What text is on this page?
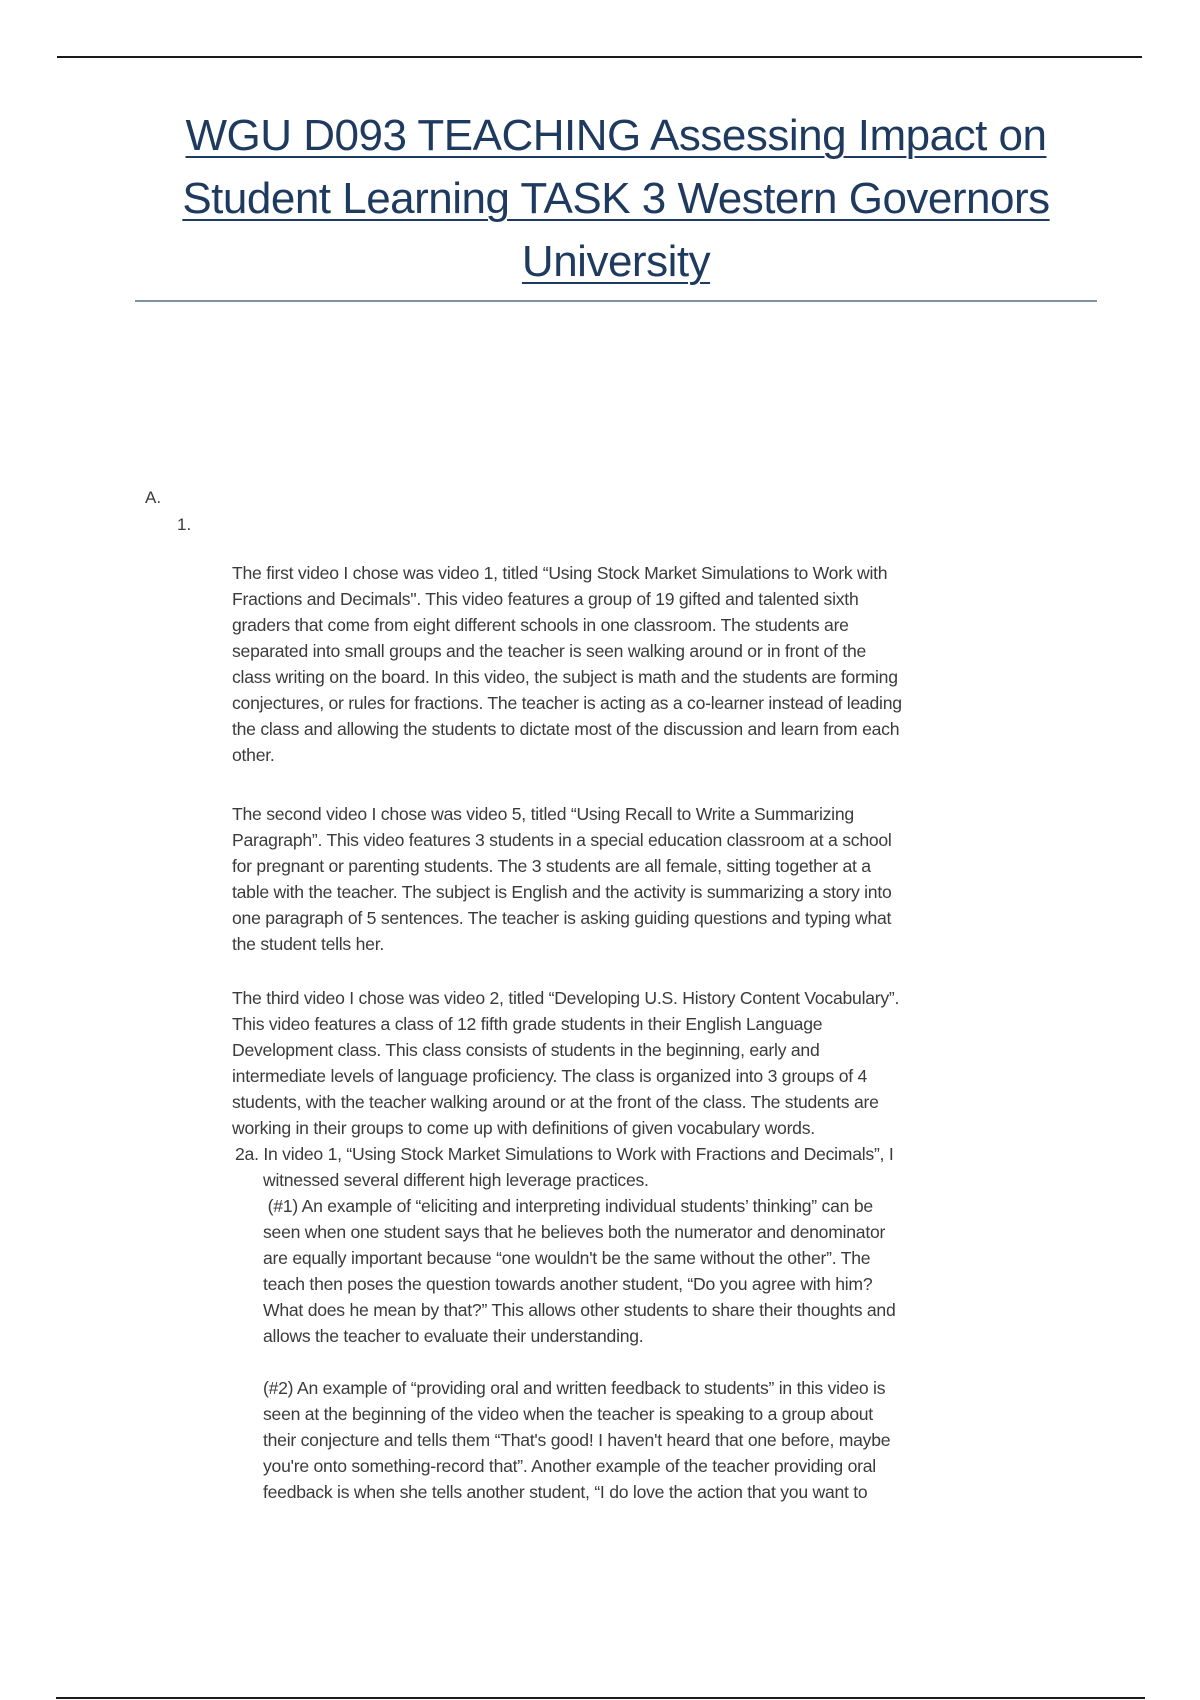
WGU D093 TEACHING Assessing Impact on
Student Learning TASK 3 Western Governors
University
A.
1.
The first video I chose was video 1, titled “Using Stock Market Simulations to Work with
Fractions and Decimals". This video features a group of 19 gifted and talented sixth
graders that come from eight different schools in one classroom. The students are
separated into small groups and the teacher is seen walking around or in front of the
class writing on the board. In this video, the subject is math and the students are forming
conjectures, or rules for fractions. The teacher is acting as a co-learner instead of leading
the class and allowing the students to dictate most of the discussion and learn from each
other.
The second video I chose was video 5, titled “Using Recall to Write a Summarizing
Paragraph”. This video features 3 students in a special education classroom at a school
for pregnant or parenting students. The 3 students are all female, sitting together at a
table with the teacher. The subject is English and the activity is summarizing a story into
one paragraph of 5 sentences. The teacher is asking guiding questions and typing what
the student tells her.
The third video I chose was video 2, titled “Developing U.S. History Content Vocabulary”.
This video features a class of 12 fifth grade students in their English Language
Development class. This class consists of students in the beginning, early and
intermediate levels of language proficiency. The class is organized into 3 groups of 4
students, with the teacher walking around or at the front of the class. The students are
working in their groups to come up with definitions of given vocabulary words.
2a. In video 1, “Using Stock Market Simulations to Work with Fractions and Decimals”, I
witnessed several different high leverage practices.
(#1) An example of “eliciting and interpreting individual students’ thinking” can be
seen when one student says that he believes both the numerator and denominator
are equally important because “one wouldn't be the same without the other”. The
teach then poses the question towards another student, “Do you agree with him?
What does he mean by that?” This allows other students to share their thoughts and
allows the teacher to evaluate their understanding.
(#2) An example of “providing oral and written feedback to students” in this video is
seen at the beginning of the video when the teacher is speaking to a group about
their conjecture and tells them “That's good! I haven't heard that one before, maybe
you're onto something-record that”. Another example of the teacher providing oral
feedback is when she tells another student, “I do love the action that you want to
